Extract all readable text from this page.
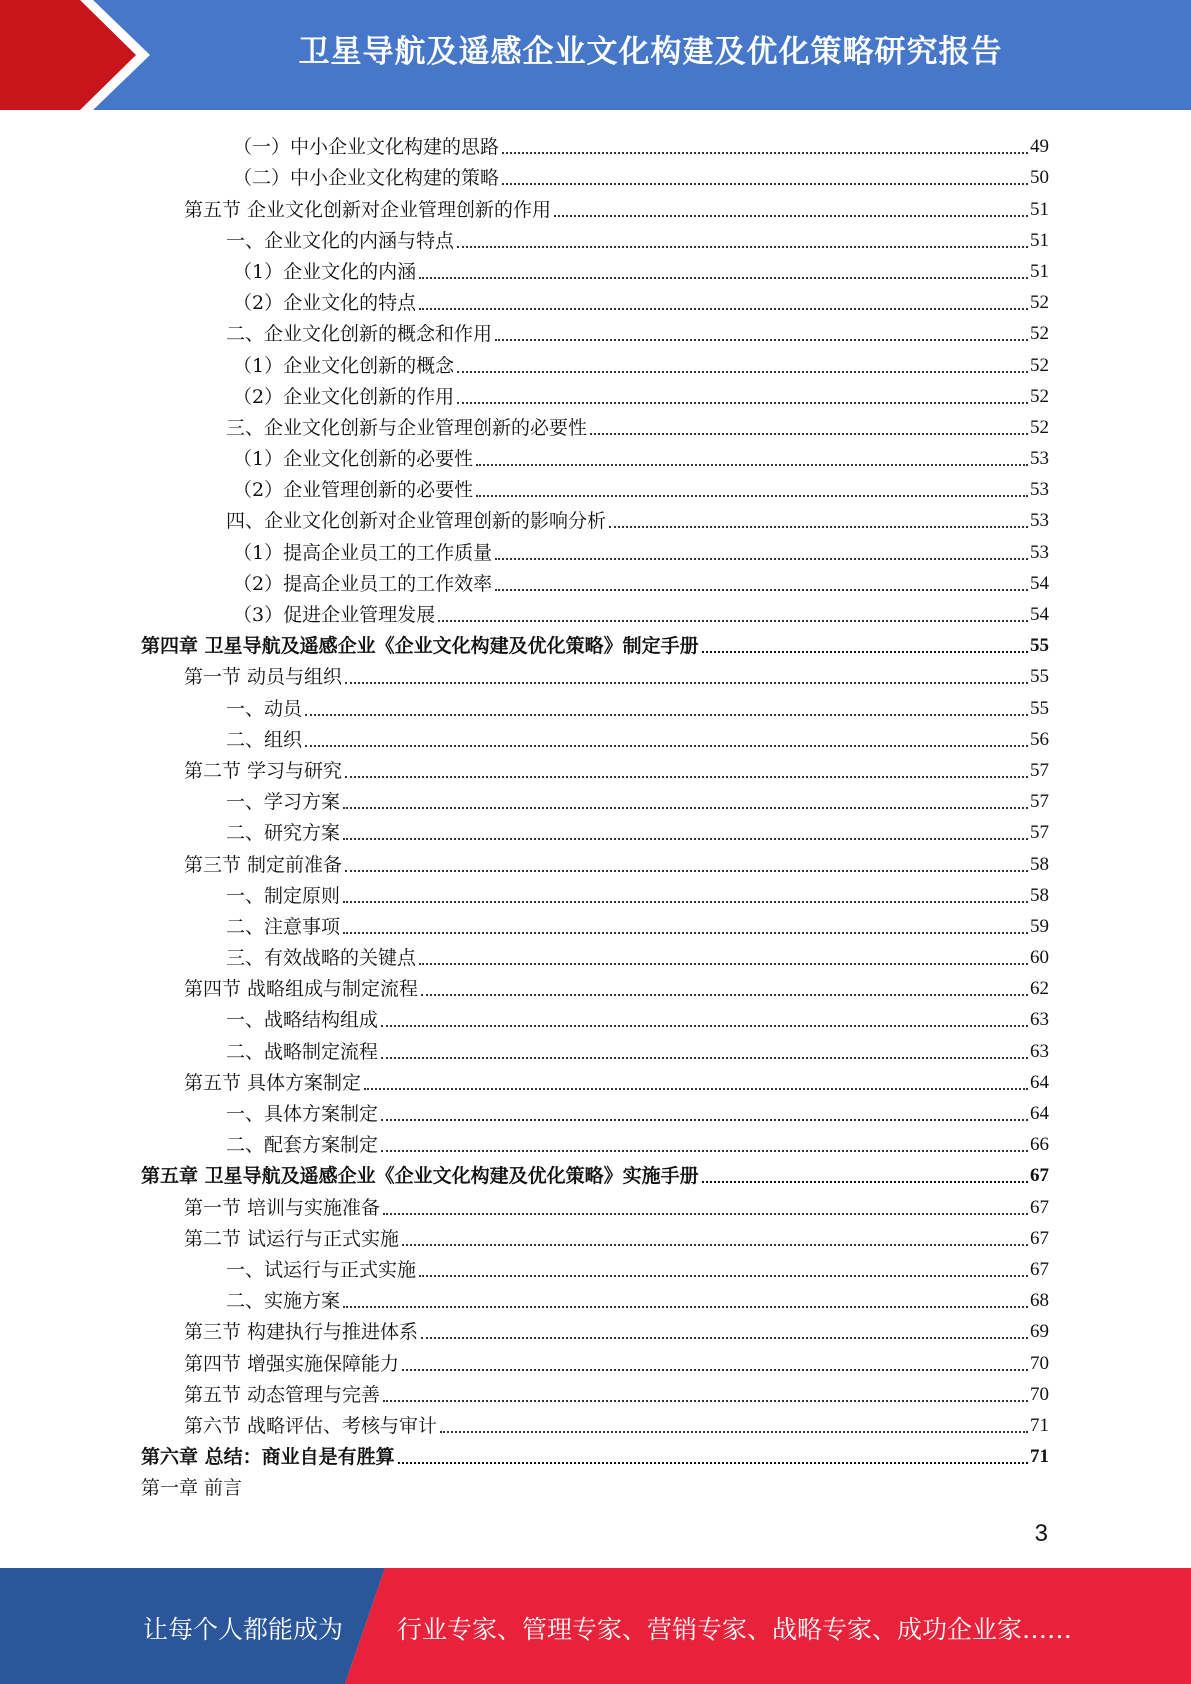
卫星导航及遥感企业文化构建及优化策略研究报告
（一）中小企业文化构建的思路	49
（二）中小企业文化构建的策略	50
第五节 企业文化创新对企业管理创新的作用	51
一、企业文化的内涵与特点	51
（1）企业文化的内涵	51
（2）企业文化的特点	52
二、企业文化创新的概念和作用	52
（1）企业文化创新的概念	52
（2）企业文化创新的作用	52
三、企业文化创新与企业管理创新的必要性	52
（1）企业文化创新的必要性	53
（2）企业管理创新的必要性	53
四、企业文化创新对企业管理创新的影响分析	53
（1）提高企业员工的工作质量	53
（2）提高企业员工的工作效率	54
（3）促进企业管理发展	54
第四章 卫星导航及遥感企业《企业文化构建及优化策略》制定手册	55
第一节 动员与组织	55
一、动员	55
二、组织	56
第二节 学习与研究	57
一、学习方案	57
二、研究方案	57
第三节 制定前准备	58
一、制定原则	58
二、注意事项	59
三、有效战略的关键点	60
第四节 战略组成与制定流程	62
一、战略结构组成	63
二、战略制定流程	63
第五节 具体方案制定	64
一、具体方案制定	64
二、配套方案制定	66
第五章 卫星导航及遥感企业《企业文化构建及优化策略》实施手册	67
第一节 培训与实施准备	67
第二节 试运行与正式实施	67
一、试运行与正式实施	67
二、实施方案	68
第三节 构建执行与推进体系	69
第四节 增强实施保障能力	70
第五节 动态管理与完善	70
第六节 战略评估、考核与审计	71
第六章 总结：商业自是有胜算	71
第一章 前言
3
让每个人都能成为 行业专家、管理专家、营销专家、战略专家、成功企业家……
